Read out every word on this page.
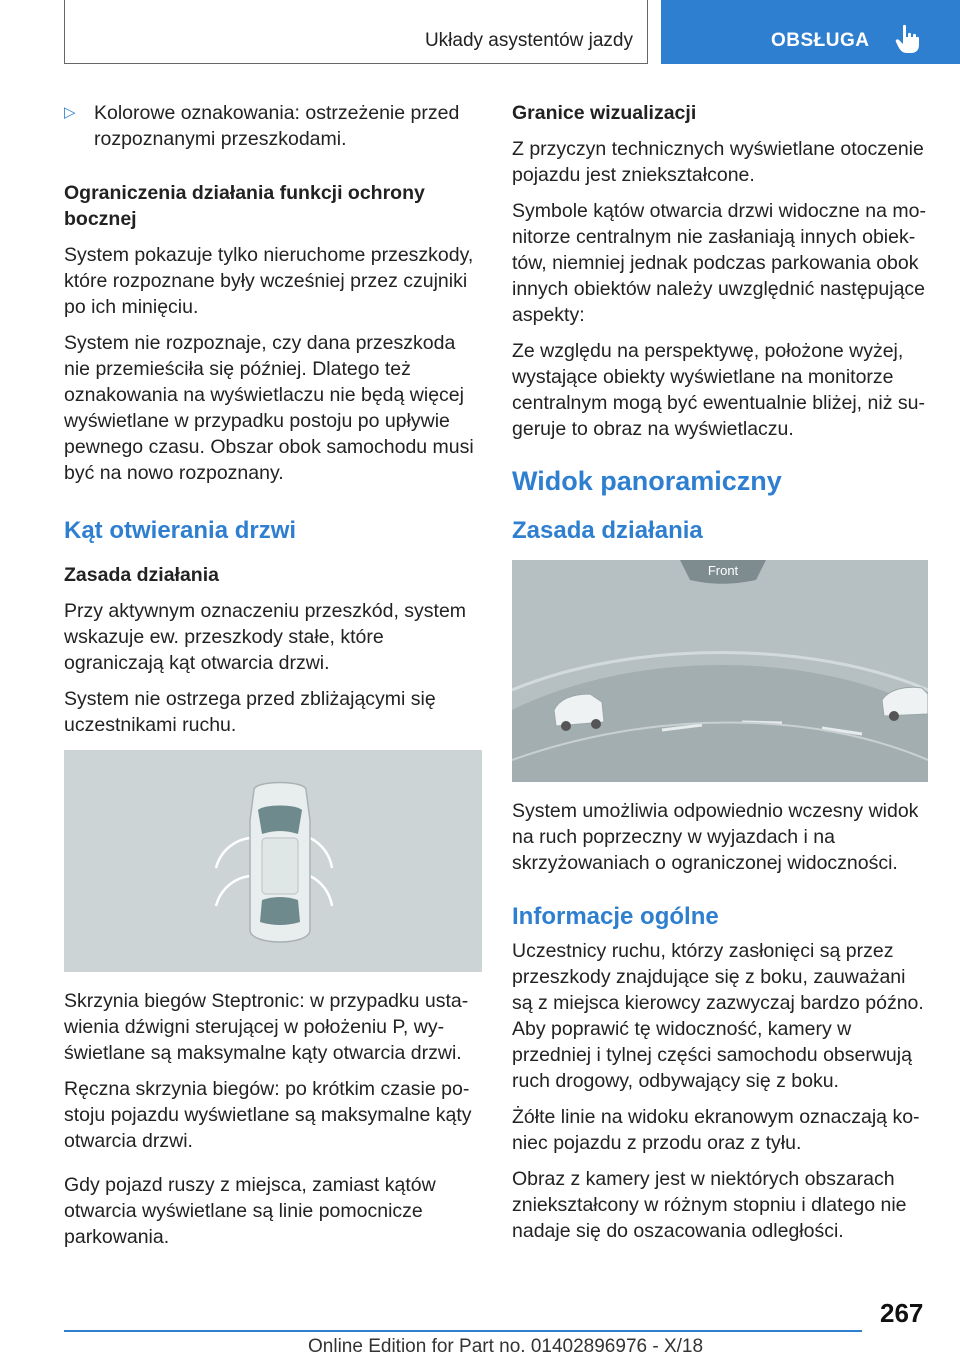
Układy asystentów jazdy	OBSŁUGA

▷ Kolorowe oznakowania: ostrzeżenie przed rozpoznanymi przeszkodami.

Ograniczenia działania funkcji ochrony bocznej

System pokazuje tylko nieruchome przeszkody, które rozpoznane były wcześniej przez czujniki po ich minięciu.

System nie rozpoznaje, czy dana przeszkoda nie przemieściła się później. Dlatego też oznakowania na wyświetlaczu nie będą więcej wyświetlane w przypadku postoju po upływie pewnego czasu. Obszar obok samochodu musi być na nowo rozpoznany.

Kąt otwierania drzwi

Zasada działania

Przy aktywnym oznaczeniu przeszkód, system wskazuje ew. przeszkody stałe, które ograniczają kąt otwarcia drzwi.

System nie ostrzega przed zbliżającymi się uczestnikami ruchu.

Skrzynia biegów Steptronic: w przypadku ustawienia dźwigni sterującej w położeniu P, wyświetlane są maksymalne kąty otwarcia drzwi.

Ręczna skrzynia biegów: po krótkim czasie postoju pojazdu wyświetlane są maksymalne kąty otwarcia drzwi.

Gdy pojazd ruszy z miejsca, zamiast kątów otwarcia wyświetlane są linie pomocnicze parkowania.

Granice wizualizacji

Z przyczyn technicznych wyświetlane otoczenie pojazdu jest zniekształcone.

Symbole kątów otwarcia drzwi widoczne na monitorze centralnym nie zasłaniają innych obiektów, niemniej jednak podczas parkowania obok innych obiektów należy uwzględnić następujące aspekty:

Ze względu na perspektywę, położone wyżej, wystające obiekty wyświetlane na monitorze centralnym mogą być ewentualnie bliżej, niż sugeruje to obraz na wyświetlaczu.

Widok panoramiczny
Zasada działania
Front

System umożliwia odpowiednio wczesny widok na ruch poprzeczny w wyjazdach i na skrzyżowaniach o ograniczonej widoczności.

Informacje ogólne

Uczestnicy ruchu, którzy zasłonięci są przez przeszkody znajdujące się z boku, zauważani są z miejsca kierowcy zazwyczaj bardzo późno. Aby poprawić tę widoczność, kamery w przedniej i tylnej części samochodu obserwują ruch drogowy, odbywający się z boku.

Żółte linie na widoku ekranowym oznaczają koniec pojazdu z przodu oraz z tyłu.

Obraz z kamery jest w niektórych obszarach zniekształcony w różnym stopniu i dlatego nie nadaje się do oszacowania odległości.

267
Online Edition for Part no. 01402896976 - X/18
